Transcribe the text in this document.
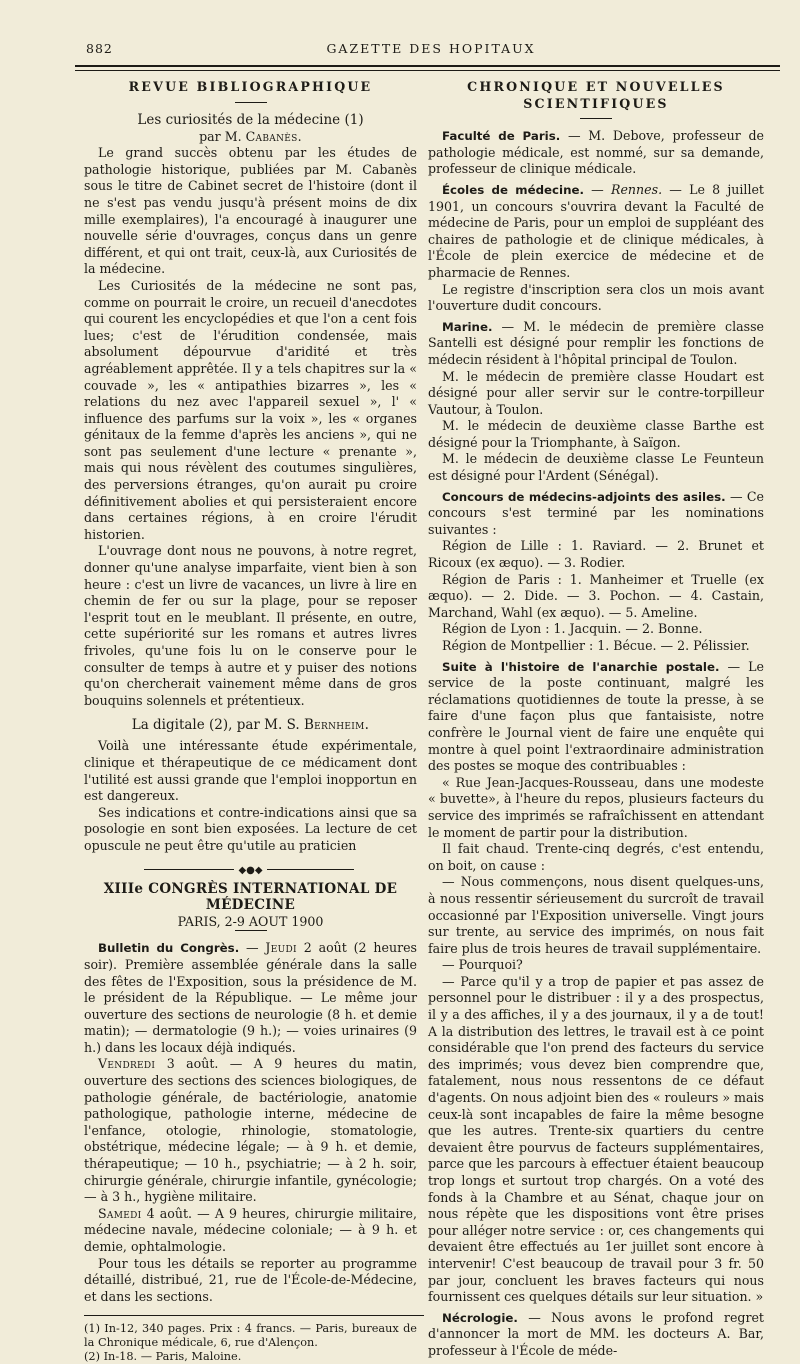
882	GAZETTE DES HOPITAUX
REVUE BIBLIOGRAPHIQUE

Les curiosités de la médecine (1)

par M. Cabanès.

Le grand succès obtenu par les études de pathologie historique, publiées par M. Cabanès sous le titre de Cabinet secret de l'histoire (dont il ne s'est pas vendu jusqu'à présent moins de dix mille exemplaires), l'a encouragé à inaugurer une nouvelle série d'ouvrages, conçus dans un genre différent, et qui ont trait, ceux-là, aux Curiosités de la médecine.

Les Curiosités de la médecine ne sont pas, comme on pourrait le croire, un recueil d'anecdotes qui courent les encyclopédies et que l'on a cent fois lues; c'est de l'érudition condensée, mais absolument dépourvue d'aridité et très agréablement apprêtée. Il y a tels chapitres sur la « couvade », les « antipathies bizarres », les « relations du nez avec l'appareil sexuel », l' « influence des parfums sur la voix », les « organes génitaux de la femme d'après les anciens », qui ne sont pas seulement d'une lecture « prenante », mais qui nous révèlent des coutumes singulières, des perversions étranges, qu'on aurait pu croire définitivement abolies et qui persisteraient encore dans certaines régions, à en croire l'érudit historien.

L'ouvrage dont nous ne pouvons, à notre regret, donner qu'une analyse imparfaite, vient bien à son heure : c'est un livre de vacances, un livre à lire en chemin de fer ou sur la plage, pour se reposer l'esprit tout en le meublant. Il présente, en outre, cette supériorité sur les romans et autres livres frivoles, qu'une fois lu on le conserve pour le consulter de temps à autre et y puiser des notions qu'on chercherait vainement même dans de gros bouquins solennels et prétentieux.

La digitale (2), par M. S. Bernheim.

Voilà une intéressante étude expérimentale, clinique et thérapeutique de ce médicament dont l'utilité est aussi grande que l'emploi inopportun en est dangereux.

Ses indications et contre-indications ainsi que sa posologie en sont bien exposées. La lecture de cet opuscule ne peut être qu'utile au praticien

◆●◆

XIIIe CONGRÈS INTERNATIONAL DE MÉDECINE

PARIS, 2-9 AOUT 1900

Bulletin du Congrès. — Jeudi 2 août (2 heures soir). Première assemblée générale dans la salle des fêtes de l'Exposition, sous la présidence de M. le président de la République. — Le même jour ouverture des sections de neurologie (8 h. et demie matin); — dermatologie (9 h.); — voies urinaires (9 h.) dans les locaux déjà indiqués.

Vendredi 3 août. — A 9 heures du matin, ouverture des sections des sciences biologiques, de pathologie générale, de bactériologie, anatomie pathologique, pathologie interne, médecine de l'enfance, otologie, rhinologie, stomatologie, obstétrique, médecine légale; — à 9 h. et demie, thérapeutique; — 10 h., psychiatrie; — à 2 h. soir, chirurgie générale, chirurgie infantile, gynécologie; — à 3 h., hygiène militaire.

Samedi 4 août. — A 9 heures, chirurgie militaire, médecine navale, médecine coloniale; — à 9 h. et demie, ophtalmologie.

Pour tous les détails se reporter au programme détaillé, distribué, 21, rue de l'École-de-Médecine, et dans les sections.

(1) In-12, 340 pages. Prix : 4 francs. — Paris, bureaux de la Chronique médicale, 6, rue d'Alençon.

(2) In-18. — Paris, Maloine.

CHRONIQUE ET NOUVELLES SCIENTIFIQUES

Faculté de Paris. — M. Debove, professeur de pathologie médicale, est nommé, sur sa demande, professeur de clinique médicale.

Écoles de médecine. — Rennes. — Le 8 juillet 1901, un concours s'ouvrira devant la Faculté de médecine de Paris, pour un emploi de suppléant des chaires de pathologie et de clinique médicales, à l'École de plein exercice de médecine et de pharmacie de Rennes.

Le registre d'inscription sera clos un mois avant l'ouverture dudit concours.

Marine. — M. le médecin de première classe Santelli est désigné pour remplir les fonctions de médecin résident à l'hôpital principal de Toulon.

M. le médecin de première classe Houdart est désigné pour aller servir sur le contre-torpilleur Vautour, à Toulon.

M. le médecin de deuxième classe Barthe est désigné pour la Triomphante, à Saïgon.

M. le médecin de deuxième classe Le Feunteun est désigné pour l'Ardent (Sénégal).

Concours de médecins-adjoints des asiles. — Ce concours s'est terminé par les nominations suivantes :

Région de Lille : 1. Raviard. — 2. Brunet et Ricoux (ex æquo). — 3. Rodier.

Région de Paris : 1. Manheimer et Truelle (ex æquo). — 2. Dide. — 3. Pochon. — 4. Castain, Marchand, Wahl (ex æquo). — 5. Ameline.

Région de Lyon : 1. Jacquin. — 2. Bonne.

Région de Montpellier : 1. Bécue. — 2. Pélissier.

Suite à l'histoire de l'anarchie postale. — Le service de la poste continuant, malgré les réclamations quotidiennes de toute la presse, à se faire d'une façon plus que fantaisiste, notre confrère le Journal vient de faire une enquête qui montre à quel point l'extraordinaire administration des postes se moque des contribuables :

« Rue Jean-Jacques-Rousseau, dans une modeste « buvette», à l'heure du repos, plusieurs facteurs du service des imprimés se rafraîchissent en attendant le moment de partir pour la distribution.

Il fait chaud. Trente-cinq degrés, c'est entendu, on boit, on cause :

— Nous commençons, nous disent quelques-uns, à nous ressentir sérieusement du surcroît de travail occasionné par l'Exposition universelle. Vingt jours sur trente, au service des imprimés, on nous fait faire plus de trois heures de travail supplémentaire.

— Pourquoi?

— Parce qu'il y a trop de papier et pas assez de personnel pour le distribuer : il y a des prospectus, il y a des affiches, il y a des journaux, il y a de tout! A la distribution des lettres, le travail est à ce point considérable que l'on prend des facteurs du service des imprimés; vous devez bien comprendre que, fatalement, nous nous ressentons de ce défaut d'agents. On nous adjoint bien des « rouleurs » mais ceux-là sont incapables de faire la même besogne que les autres. Trente-six quartiers du centre devaient être pourvus de facteurs supplémentaires, parce que les parcours à effectuer étaient beaucoup trop longs et surtout trop chargés. On a voté des fonds à la Chambre et au Sénat, chaque jour on nous répète que les dispositions vont être prises pour alléger notre service : or, ces changements qui devaient être effectués au 1er juillet sont encore à intervenir! C'est beaucoup de travail pour 3 fr. 50 par jour, concluent les braves facteurs qui nous fournissent ces quelques détails sur leur situation. »

Nécrologie. — Nous avons le profond regret d'annoncer la mort de MM. les docteurs A. Bar, professeur à l'École de méde-
